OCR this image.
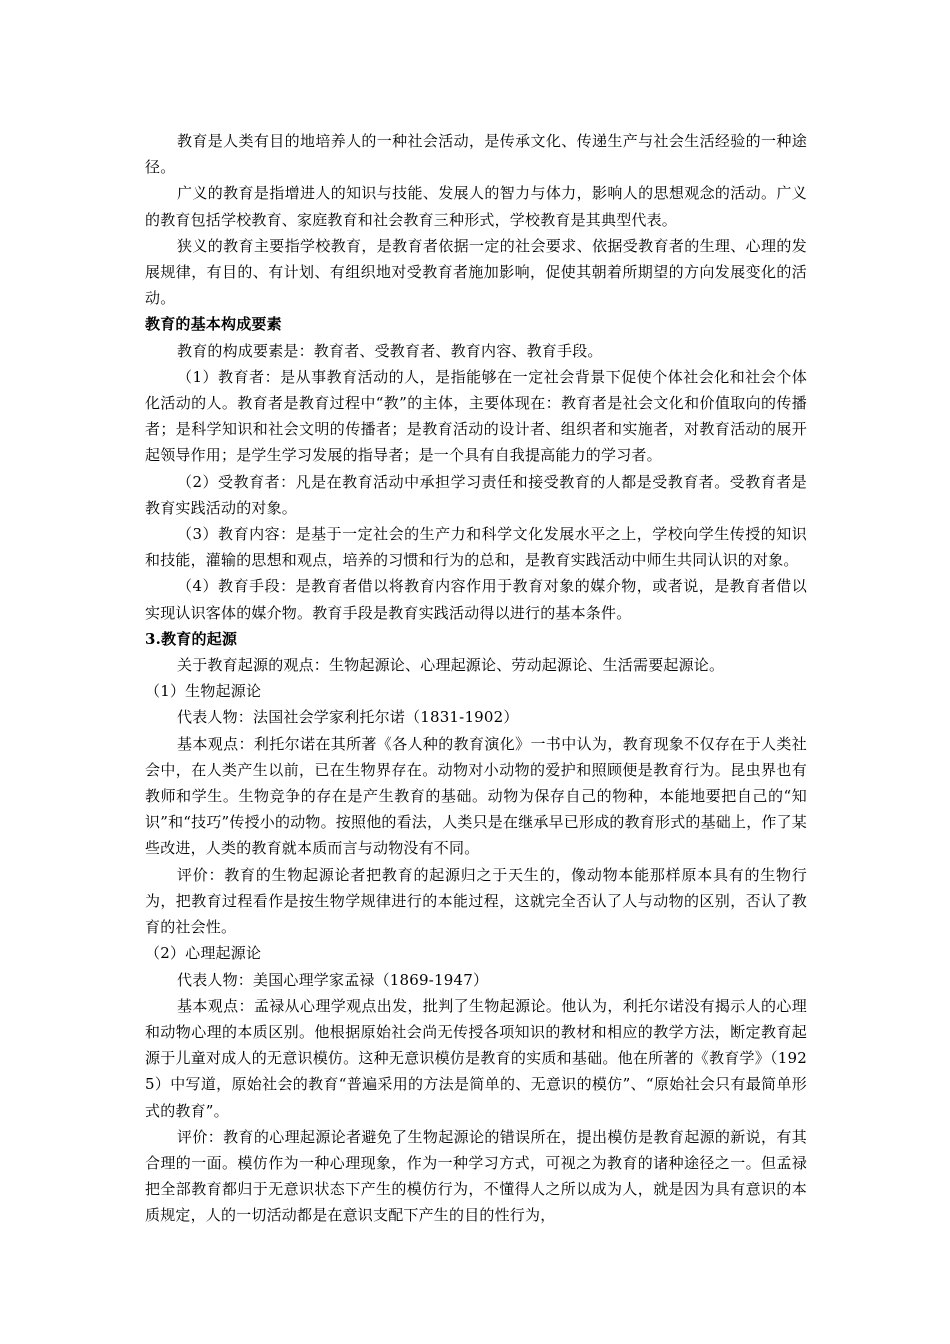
教育是人类有目的地培养人的一种社会活动，是传承文化、传递生产与社会生活经验的一种途径。

广义的教育是指增进人的知识与技能、发展人的智力与体力，影响人的思想观念的活动。广义的教育包括学校教育、家庭教育和社会教育三种形式，学校教育是其典型代表。

狭义的教育主要指学校教育，是教育者依据一定的社会要求、依据受教育者的生理、心理的发展规律，有目的、有计划、有组织地对受教育者施加影响，促使其朝着所期望的方向发展变化的活动。

教育的基本构成要素

教育的构成要素是：教育者、受教育者、教育内容、教育手段。

（1）教育者：是从事教育活动的人，是指能够在一定社会背景下促使个体社会化和社会个体化活动的人。教育者是教育过程中“教”的主体，主要体现在：教育者是社会文化和价值取向的传播者；是科学知识和社会文明的传播者；是教育活动的设计者、组织者和实施者，对教育活动的展开起领导作用；是学生学习发展的指导者；是一个具有自我提高能力的学习者。

（2）受教育者：凡是在教育活动中承担学习责任和接受教育的人都是受教育者。受教育者是教育实践活动的对象。

（3）教育内容：是基于一定社会的生产力和科学文化发展水平之上，学校向学生传授的知识和技能，灌输的思想和观点，培养的习惯和行为的总和，是教育实践活动中师生共同认识的对象。

（4）教育手段：是教育者借以将教育内容作用于教育对象的媒介物，或者说，是教育者借以实现认识客体的媒介物。教育手段是教育实践活动得以进行的基本条件。

3.教育的起源

关于教育起源的观点：生物起源论、心理起源论、劳动起源论、生活需要起源论。

（1）生物起源论

代表人物：法国社会学家利托尔诺（1831-1902）

基本观点：利托尔诺在其所著《各人种的教育演化》一书中认为，教育现象不仅存在于人类社会中，在人类产生以前，已在生物界存在。动物对小动物的爱护和照顾便是教育行为。昆虫界也有教师和学生。生物竞争的存在是产生教育的基础。动物为保存自己的物种，本能地要把自己的“知识”和“技巧”传授小的动物。按照他的看法，人类只是在继承早已形成的教育形式的基础上，作了某些改进，人类的教育就本质而言与动物没有不同。

评价：教育的生物起源论者把教育的起源归之于天生的，像动物本能那样原本具有的生物行为，把教育过程看作是按生物学规律进行的本能过程，这就完全否认了人与动物的区别，否认了教育的社会性。

（2）心理起源论

代表人物：美国心理学家孟禄（1869-1947）

基本观点：孟禄从心理学观点出发，批判了生物起源论。他认为，利托尔诺没有揭示人的心理和动物心理的本质区别。他根据原始社会尚无传授各项知识的教材和相应的教学方法，断定教育起源于儿童对成人的无意识模仿。这种无意识模仿是教育的实质和基础。他在所著的《教育学》（1925）中写道，原始社会的教育“普遍采用的方法是简单的、无意识的模仿”、“原始社会只有最简单形式的教育”。

评价：教育的心理起源论者避免了生物起源论的错误所在，提出模仿是教育起源的新说，有其合理的一面。模仿作为一种心理现象，作为一种学习方式，可视之为教育的诸种途径之一。但孟禄把全部教育都归于无意识状态下产生的模仿行为，不懂得人之所以成为人，就是因为具有意识的本质规定，人的一切活动都是在意识支配下产生的目的性行为，
